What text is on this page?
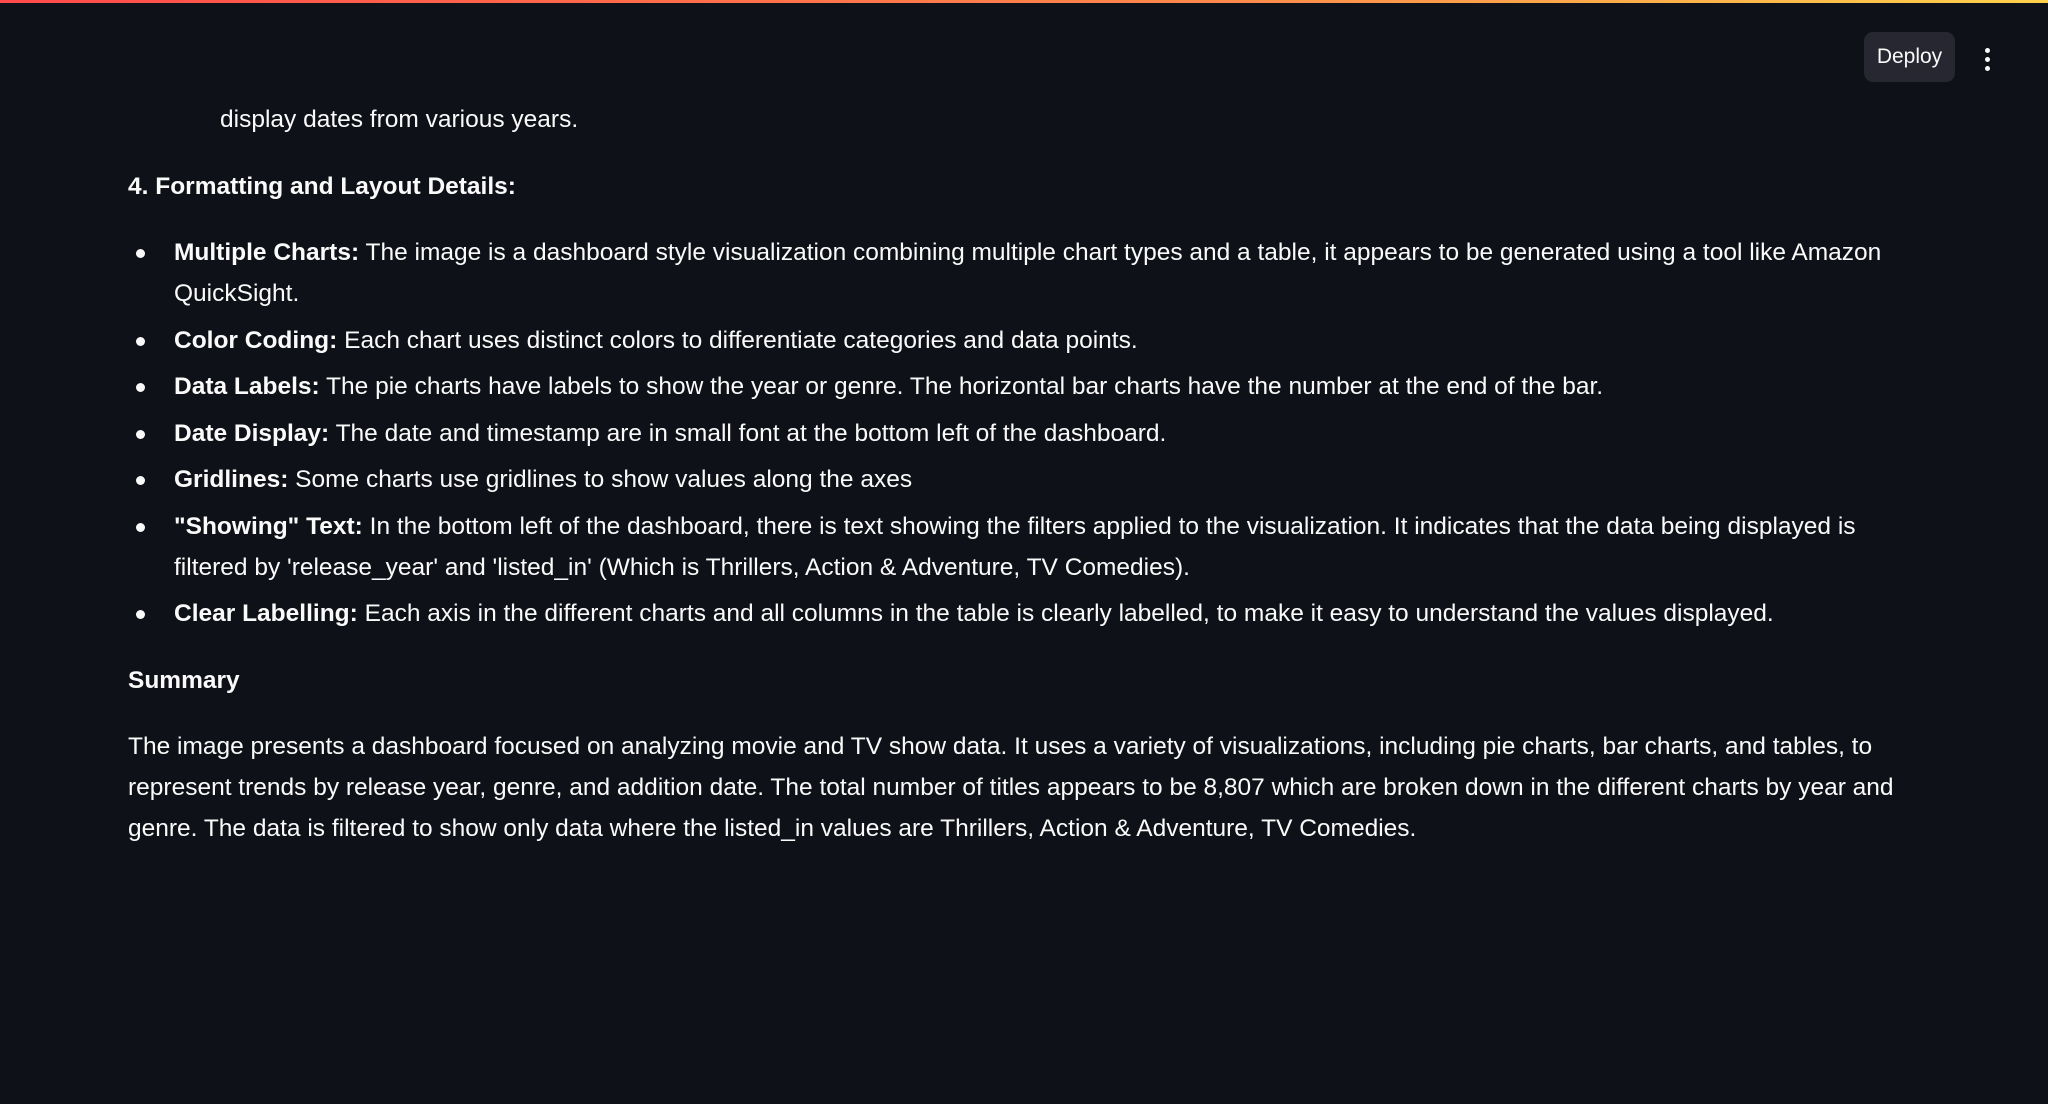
Deploy

display dates from various years.

4. Formatting and Layout Details:

Multiple Charts: The image is a dashboard style visualization combining multiple chart types and a table, it appears to be generated using a tool like Amazon QuickSight.
Color Coding: Each chart uses distinct colors to differentiate categories and data points.
Data Labels: The pie charts have labels to show the year or genre. The horizontal bar charts have the number at the end of the bar.
Date Display: The date and timestamp are in small font at the bottom left of the dashboard.
Gridlines: Some charts use gridlines to show values along the axes
"Showing" Text: In the bottom left of the dashboard, there is text showing the filters applied to the visualization. It indicates that the data being displayed is filtered by 'release_year' and 'listed_in' (Which is Thrillers, Action & Adventure, TV Comedies).
Clear Labelling: Each axis in the different charts and all columns in the table is clearly labelled, to make it easy to understand the values displayed.

Summary

The image presents a dashboard focused on analyzing movie and TV show data. It uses a variety of visualizations, including pie charts, bar charts, and tables, to represent trends by release year, genre, and addition date. The total number of titles appears to be 8,807 which are broken down in the different charts by year and genre. The data is filtered to show only data where the listed_in values are Thrillers, Action & Adventure, TV Comedies.
